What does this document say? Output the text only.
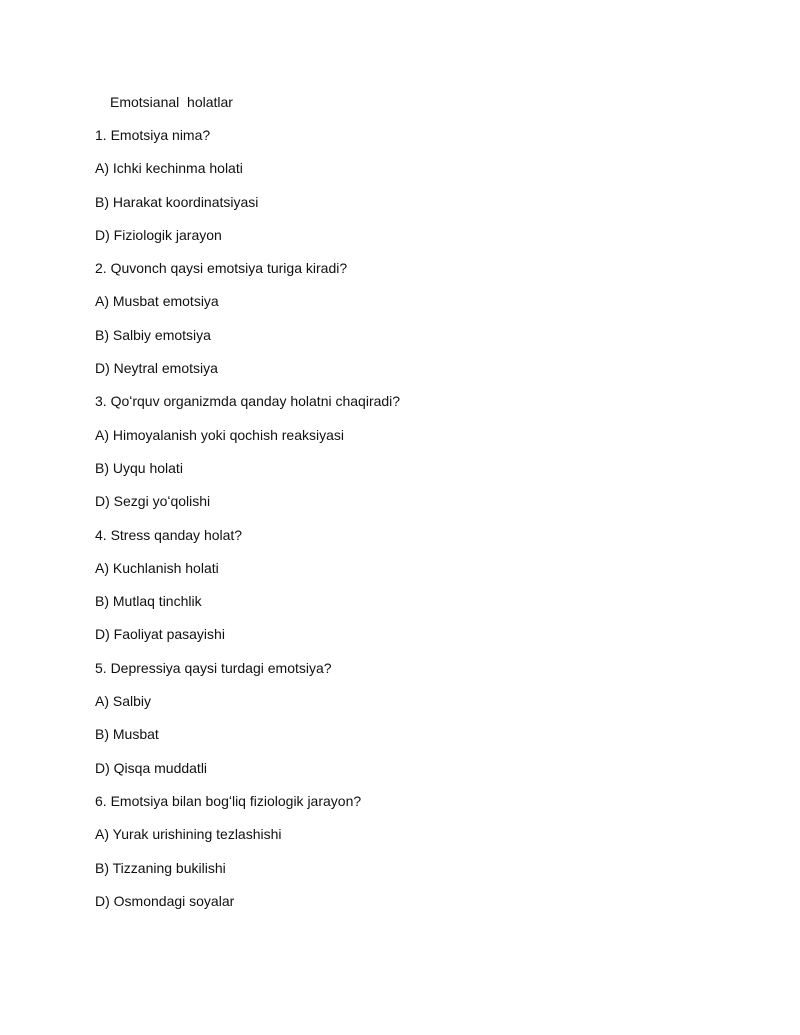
Emotsianal  holatlar
1. Emotsiya nima?
A) Ichki kechinma holati
B) Harakat koordinatsiyasi
D) Fiziologik jarayon
2. Quvonch qaysi emotsiya turiga kiradi?
A) Musbat emotsiya
B) Salbiy emotsiya
D) Neytral emotsiya
3. Qoʻrquv organizmda qanday holatni chaqiradi?
A) Himoyalanish yoki qochish reaksiyasi
B) Uyqu holati
D) Sezgi yoʻqolishi
4. Stress qanday holat?
A) Kuchlanish holati
B) Mutlaq tinchlik
D) Faoliyat pasayishi
5. Depressiya qaysi turdagi emotsiya?
A) Salbiy
B) Musbat
D) Qisqa muddatli
6. Emotsiya bilan bogʻliq fiziologik jarayon?
A) Yurak urishining tezlashishi
B) Tizzaning bukilishi
D) Osmondagi soyalar
